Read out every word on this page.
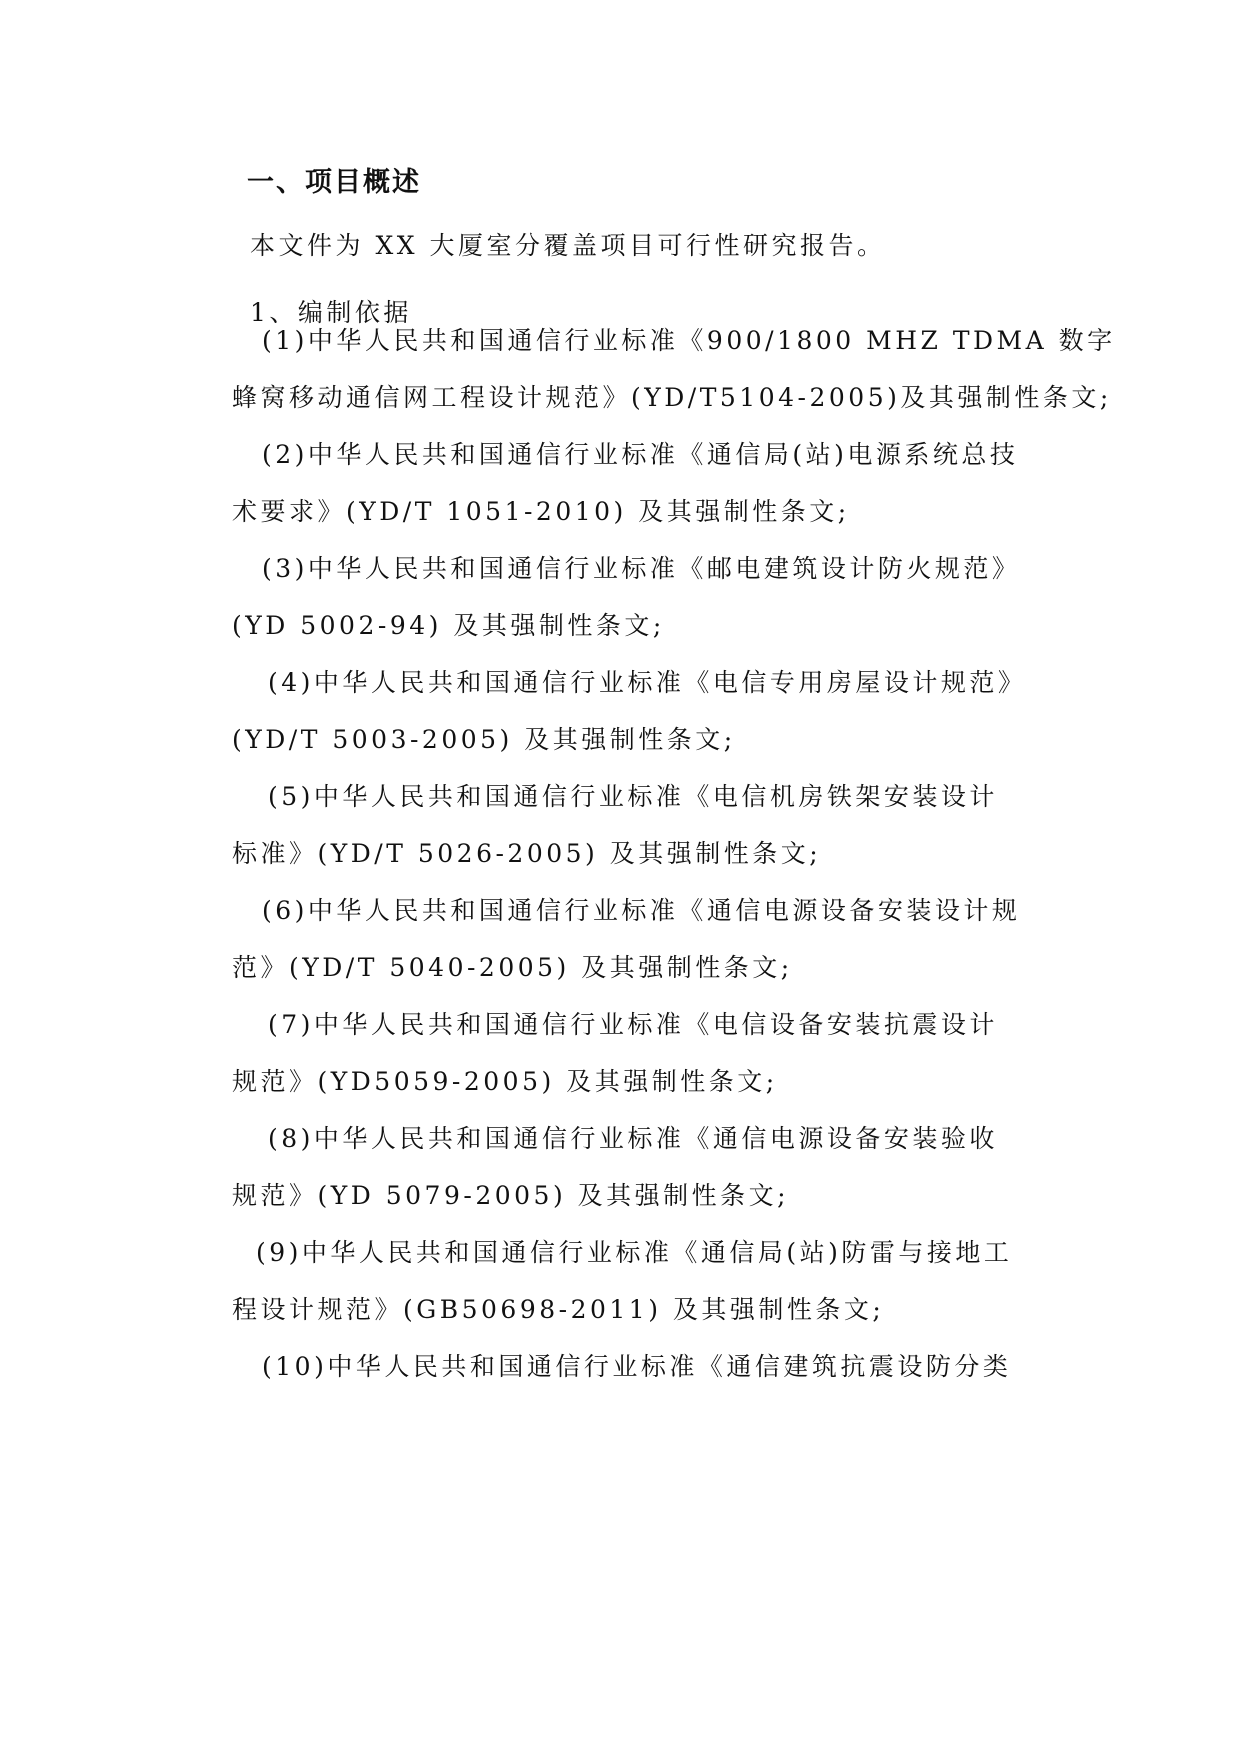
一、项目概述
本文件为 XX 大厦室分覆盖项目可行性研究报告。
1、编制依据
(1)中华人民共和国通信行业标准《900/1800 MHZ TDMA 数字
蜂窝移动通信网工程设计规范》(YD/T5104-2005)及其强制性条文;
(2)中华人民共和国通信行业标准《通信局(站)电源系统总技
术要求》(YD/T 1051-2010) 及其强制性条文;
(3)中华人民共和国通信行业标准《邮电建筑设计防火规范》
(YD 5002-94) 及其强制性条文;
(4)中华人民共和国通信行业标准《电信专用房屋设计规范》
(YD/T 5003-2005) 及其强制性条文;
(5)中华人民共和国通信行业标准《电信机房铁架安装设计
标准》(YD/T 5026-2005) 及其强制性条文;
(6)中华人民共和国通信行业标准《通信电源设备安装设计规
范》(YD/T 5040-2005) 及其强制性条文;
(7)中华人民共和国通信行业标准《电信设备安装抗震设计
规范》(YD5059-2005) 及其强制性条文;
(8)中华人民共和国通信行业标准《通信电源设备安装验收
规范》(YD 5079-2005) 及其强制性条文;
(9)中华人民共和国通信行业标准《通信局(站)防雷与接地工
程设计规范》(GB50698-2011) 及其强制性条文;
(10)中华人民共和国通信行业标准《通信建筑抗震设防分类
